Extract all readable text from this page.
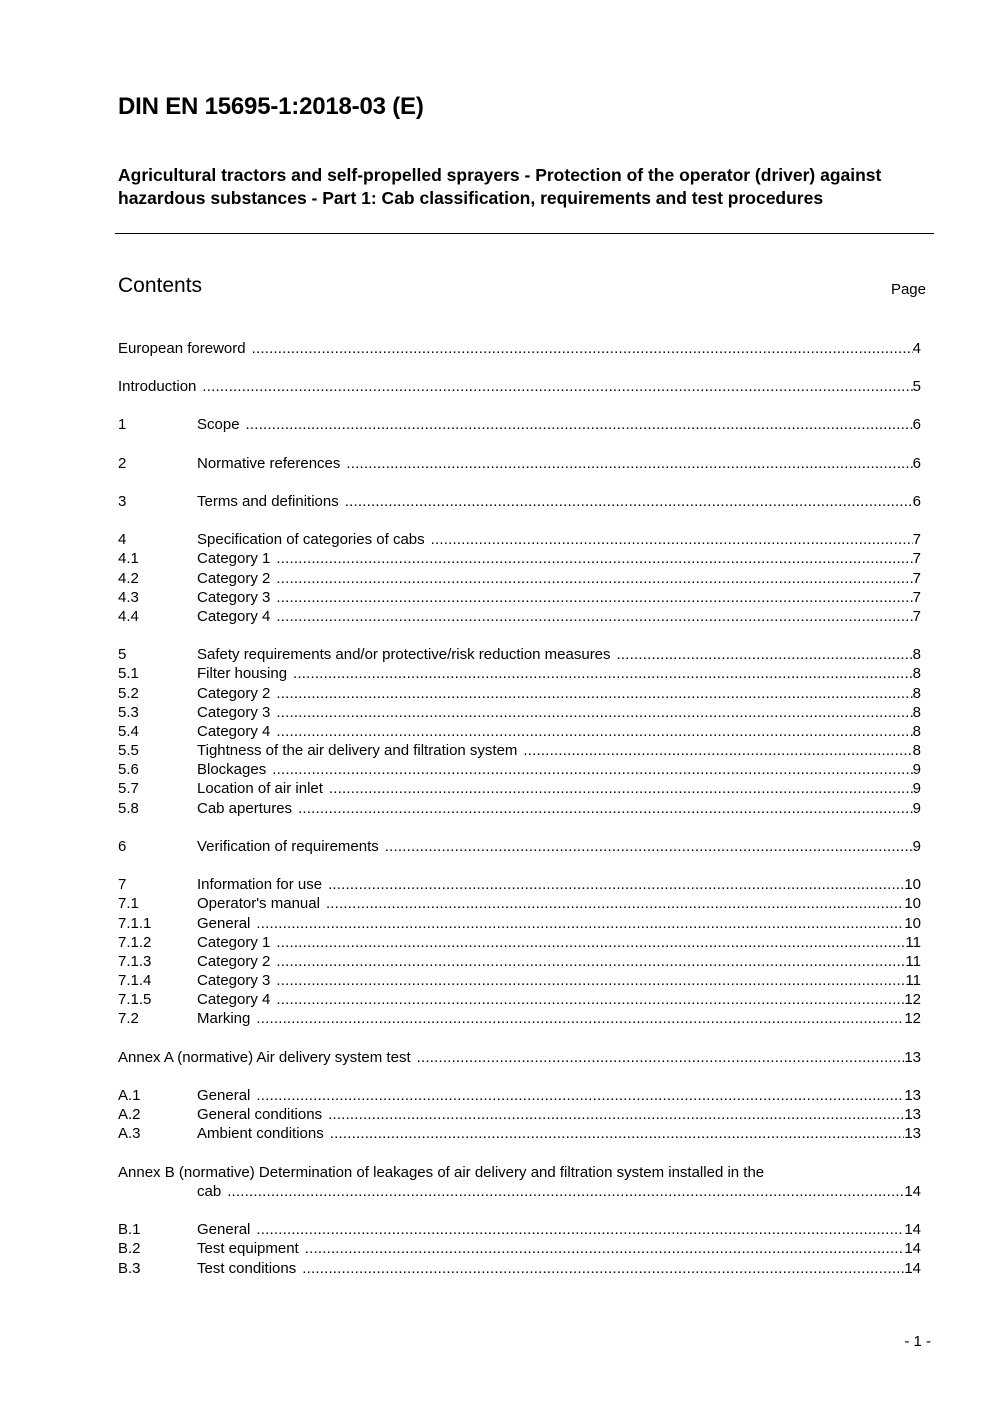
DIN EN 15695-1:2018-03 (E)
Agricultural tractors and self-propelled sprayers - Protection of the operator (driver) against hazardous substances - Part 1: Cab classification, requirements and test procedures
Contents	Page
European foreword .....	4
Introduction .....	5
1	Scope .....	6
2	Normative references .....	6
3	Terms and definitions .....	6
4	Specification of categories of cabs .....	7
4.1	Category 1 .....	7
4.2	Category 2 .....	7
4.3	Category 3 .....	7
4.4	Category 4 .....	7
5	Safety requirements and/or protective/risk reduction measures .....	8
5.1	Filter housing .....	8
5.2	Category 2 .....	8
5.3	Category 3 .....	8
5.4	Category 4 .....	8
5.5	Tightness of the air delivery and filtration system .....	8
5.6	Blockages .....	9
5.7	Location of air inlet .....	9
5.8	Cab apertures .....	9
6	Verification of requirements .....	9
7	Information for use .....	10
7.1	Operator's manual .....	10
7.1.1	General .....	10
7.1.2	Category 1 .....	11
7.1.3	Category 2 .....	11
7.1.4	Category 3 .....	11
7.1.5	Category 4 .....	12
7.2	Marking .....	12
Annex A (normative) Air delivery system test .....	13
A.1	General .....	13
A.2	General conditions .....	13
A.3	Ambient conditions .....	13
Annex B (normative) Determination of leakages of air delivery and filtration system installed in the
cab .....	14
B.1	General .....	14
B.2	Test equipment .....	14
B.3	Test conditions .....	14
- 1 -
